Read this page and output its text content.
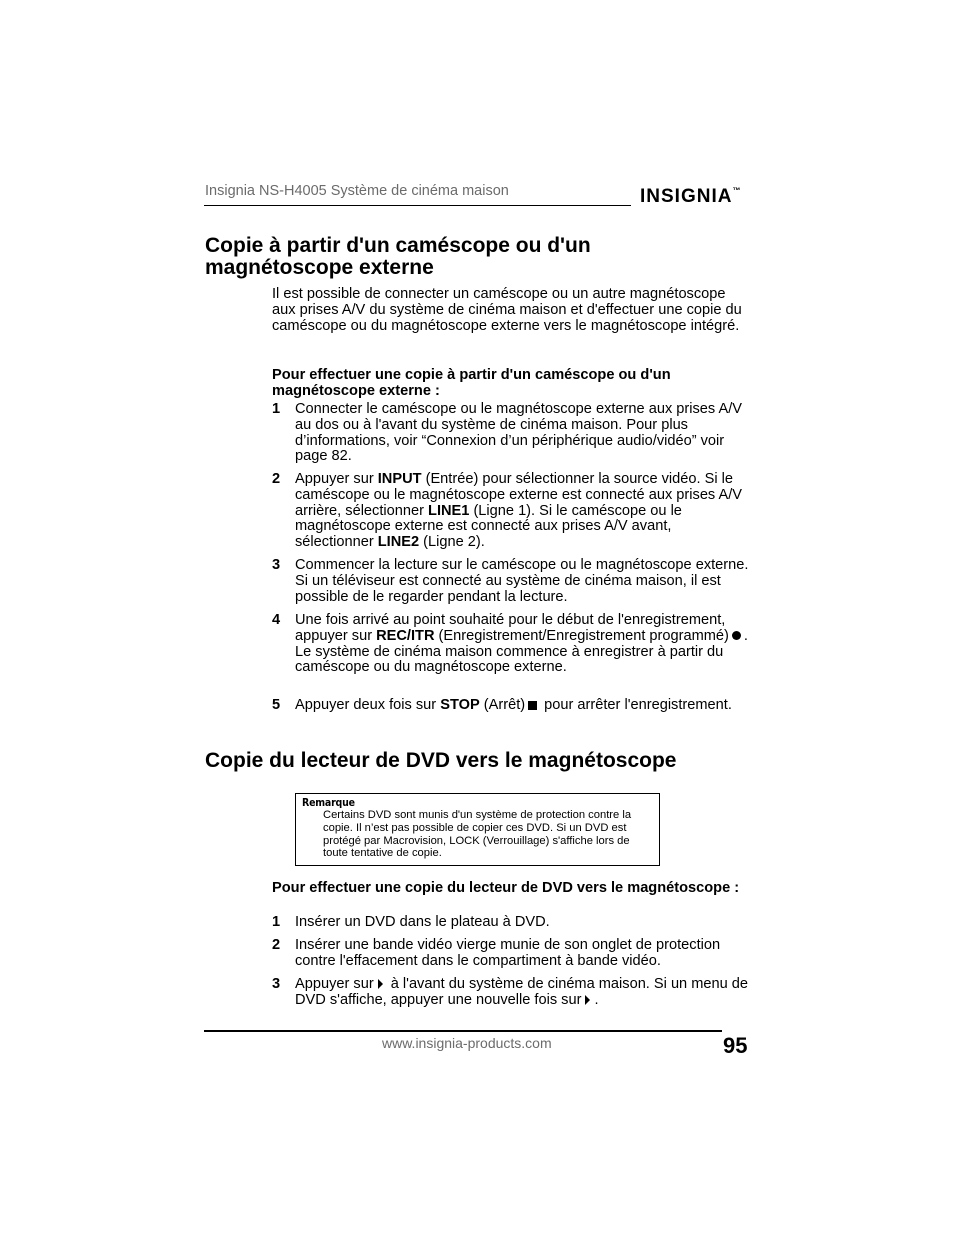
Insignia NS-H4005 Système de cinéma maison	INSIGNIA™
Copie à partir d'un caméscope ou d'un magnétoscope externe

Il est possible de connecter un caméscope ou un autre magnétoscope aux prises A/V du système de cinéma maison et d'effectuer une copie du caméscope ou du magnétoscope externe vers le magnétoscope intégré.

Pour effectuer une copie à partir d'un caméscope ou d'un magnétoscope externe :

1	Connecter le caméscope ou le magnétoscope externe aux prises A/V au dos ou à l'avant du système de cinéma maison. Pour plus d’informations, voir “Connexion d’un périphérique audio/vidéo” voir page 82.
2	Appuyer sur INPUT (Entrée) pour sélectionner la source vidéo. Si le caméscope ou le magnétoscope externe est connecté aux prises A/V arrière, sélectionner LINE1 (Ligne 1). Si le caméscope ou le magnétoscope externe est connecté aux prises A/V avant, sélectionner LINE2 (Ligne 2).
3	Commencer la lecture sur le caméscope ou le magnétoscope externe. Si un téléviseur est connecté au système de cinéma maison, il est possible de le regarder pendant la lecture.
4	Une fois arrivé au point souhaité pour le début de l'enregistrement, appuyer sur REC/ITR (Enregistrement/Enregistrement programmé) . Le système de cinéma maison commence à enregistrer à partir du caméscope ou du magnétoscope externe.
5	Appuyer deux fois sur STOP (Arrêt) pour arrêter l'enregistrement.
Copie du lecteur de DVD vers le magnétoscope
Remarque
Certains DVD sont munis d'un système de protection contre la copie. Il n’est pas possible de copier ces DVD. Si un DVD est protégé par Macrovision, LOCK (Verrouillage) s'affiche lors de toute tentative de copie.

Pour effectuer une copie du lecteur de DVD vers le magnétoscope :

1	Insérer un DVD dans le plateau à DVD.
2	Insérer une bande vidéo vierge munie de son onglet de protection contre l'effacement dans le compartiment à bande vidéo.
3	Appuyer sur à l'avant du système de cinéma maison. Si un menu de DVD s'affiche, appuyer une nouvelle fois sur .
www.insignia-products.com	95
